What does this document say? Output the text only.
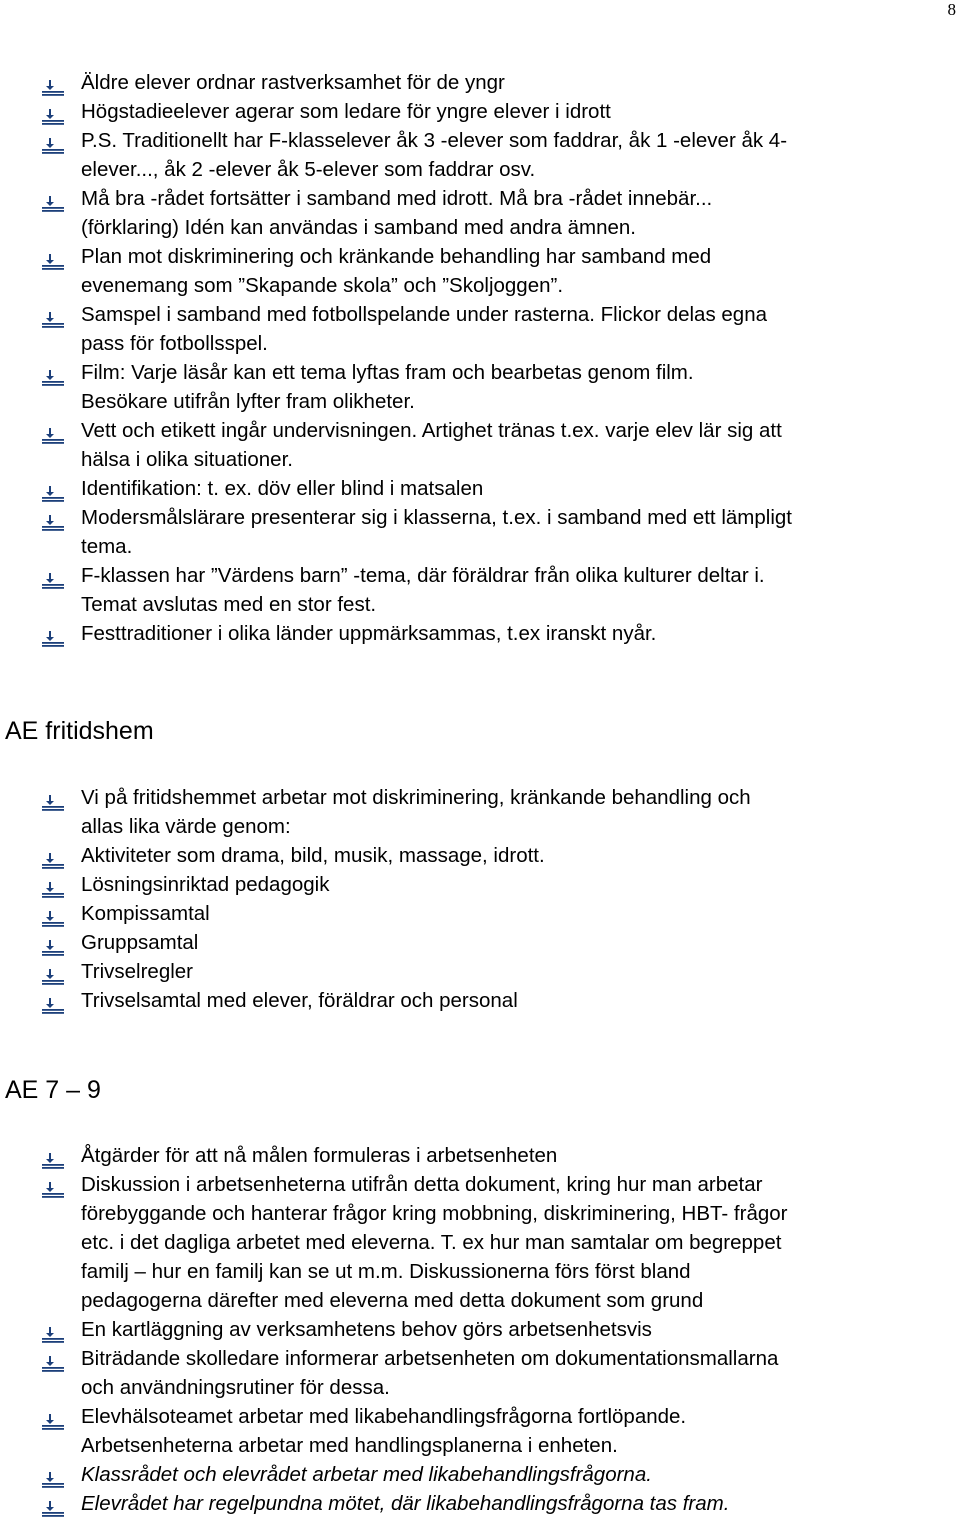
8
Äldre elever ordnar rastverksamhet för de yngr
Högstadieelever agerar som ledare för yngre elever i idrott
P.S. Traditionellt har F-klasselever åk 3 -elever som faddrar, åk 1 -elever åk 4-
elever..., åk 2 -elever åk 5-elever som faddrar osv.
Må bra -rådet fortsätter i samband med idrott. Må bra -rådet innebär...
(förklaring) Idén kan användas i samband med andra ämnen.
Plan mot diskriminering och kränkande behandling har samband med
evenemang som ”Skapande skola” och ”Skoljoggen”.
Samspel i samband med fotbollspelande under rasterna. Flickor delas egna
pass för fotbollsspel.
Film: Varje läsår kan ett tema lyftas fram och bearbetas genom film.
Besökare utifrån lyfter fram olikheter.
Vett och etikett ingår undervisningen. Artighet tränas t.ex. varje elev lär sig att
hälsa i olika situationer.
Identifikation: t. ex. döv eller blind i matsalen
Modersmålslärare presenterar sig i klasserna, t.ex. i samband med ett lämpligt
tema.
F-klassen har ”Värdens barn” -tema, där föräldrar från olika kulturer deltar i.
Temat avslutas med en stor fest.
Festtraditioner i olika länder uppmärksammas, t.ex iranskt nyår.
AE fritidshem
Vi på fritidshemmet arbetar mot diskriminering, kränkande behandling och
allas lika värde genom:
Aktiviteter som drama, bild, musik, massage, idrott.
Lösningsinriktad pedagogik
Kompissamtal
Gruppsamtal
Trivselregler
Trivselsamtal med elever, föräldrar och personal
AE 7 – 9
Åtgärder för att nå målen formuleras i arbetsenheten
Diskussion i arbetsenheterna utifrån detta dokument, kring hur man arbetar
förebyggande och hanterar frågor kring mobbning, diskriminering, HBT- frågor
etc. i det dagliga arbetet med eleverna. T. ex hur man samtalar om begreppet
familj – hur en familj kan se ut m.m. Diskussionerna förs först bland
pedagogerna därefter med eleverna med detta dokument som grund
En kartläggning av verksamhetens behov görs arbetsenhetsvis
Biträdande skolledare informerar arbetsenheten om dokumentationsmallarna
och användningsrutiner för dessa.
Elevhälsoteamet arbetar med likabehandlingsfrågorna fortlöpande.
Arbetsenheterna arbetar med handlingsplanerna i enheten.
Klassrådet och elevrådet arbetar med likabehandlingsfrågorna.
Elevrådet har regelpundna mötet, där likabehandlingsfrågorna tas fram.
